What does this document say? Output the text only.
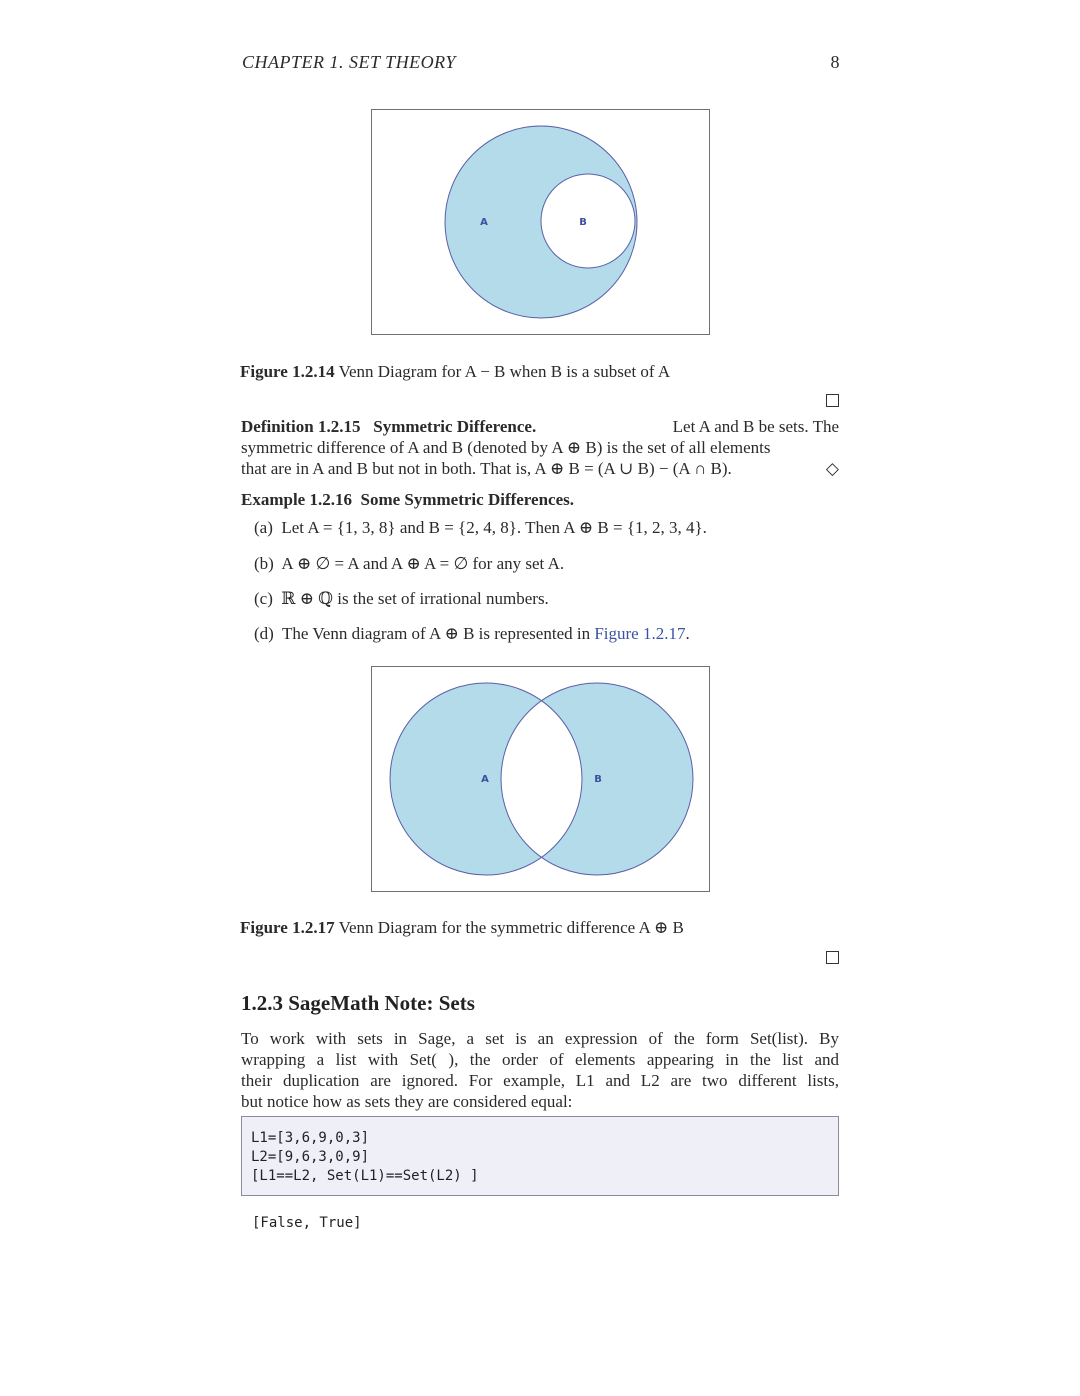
CHAPTER 1. SET THEORY	8
A	B
Figure 1.2.14 Venn Diagram for A − B when B is a subset of A
Definition 1.2.15 Symmetric Difference.	Let A and B be sets. The
symmetric difference of A and B (denoted by A ⊕ B) is the set of all elements
that are in A and B but not in both. That is, A ⊕ B = (A ∪ B) − (A ∩ B).	◇
Example 1.2.16 Some Symmetric Differences.
(a) Let A = {1, 3, 8} and B = {2, 4, 8}. Then A ⊕ B = {1, 2, 3, 4}.
(b) A ⊕ ∅ = A and A ⊕ A = ∅ for any set A.
(c) ℝ ⊕ ℚ is the set of irrational numbers.
(d) The Venn diagram of A ⊕ B is represented in Figure 1.2.17.
A	B
Figure 1.2.17 Venn Diagram for the symmetric difference A ⊕ B
1.2.3 SageMath Note: Sets
To work with sets in Sage, a set is an expression of the form Set(list). By
wrapping a list with Set( ), the order of elements appearing in the list and
their duplication are ignored. For example, L1 and L2 are two different lists,
but notice how as sets they are considered equal:
L1=[3,6,9,0,3]
L2=[9,6,3,0,9]
[L1==L2, Set(L1)==Set(L2) ]
[False, True]
